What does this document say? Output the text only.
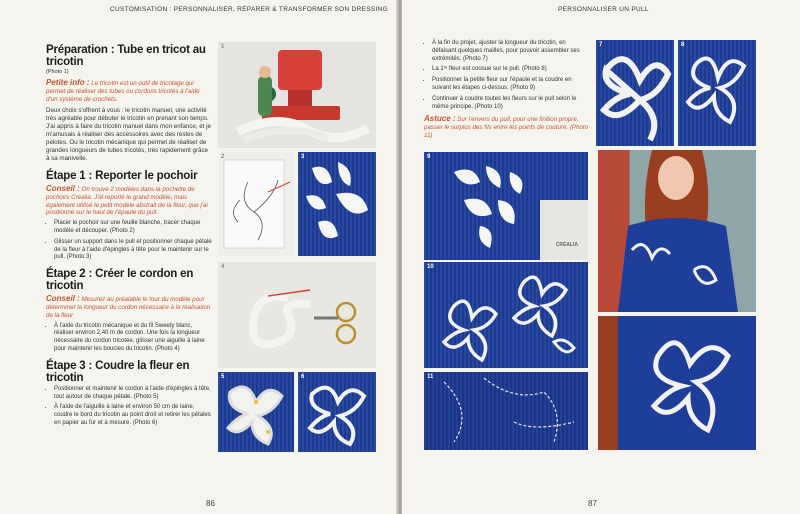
CUSTOMISATION : PERSONNALISER, RÉPARER & TRANSFORMER SON DRESSING
Préparation : Tube en tricot au tricotin
(Photo 1)
Petite info : Le tricotin est un outil de tricotage qui permet de réaliser des tubes ou cordons tricotés à l'aide d'un système de crochets.

Deux choix s'offrent à vous : le tricotin manuel, une activité très agréable pour débuter le tricotin en prenant son temps. J'ai appris à faire du tricotin manuel dans mon enfance, et je m'amusais à réaliser des accessoires avec des restes de pelotes. Ou le tricotin mécanique qui permet de réaliser de grandes longueurs de tubes tricotés, très rapidement grâce à sa manivelle.

Étape 1 : Reporter le pochoir
Conseil : On trouve 2 modèles dans la pochette de pochoirs Créalia. J'ai reporté le grand modèle, mais également utilisé le petit modèle abstrait de la fleur, que j'ai positionné sur le haut de l'épaule du pull.
• Placer le pochoir sur une feuille blanche, tracer chaque modèle et découper. (Photo 2)
• Glisser un support dans le pull et positionner chaque pétale de la fleur à l'aide d'épingles à tête pour le maintenir sur le pull. (Photo 3)
Étape 2 : Créer le cordon en tricotin
Conseil : Mesurez au préalable le tour du modèle pour déterminer la longueur du cordon nécessaire à la réalisation de la fleur
• À l'aide du tricotin mécanique et du fil Sweety blanc, réaliser environ 2,40 m de cordon. Une fois la longueur nécessaire du cordon tricotée, glisser une aiguille à laine pour maintenir les boucles du tricotin. (Photo 4)
Étape 3 : Coudre la fleur en tricotin
• Positionner et maintenir le cordon à l'aide d'épingles à tête, tout autour de chaque pétale. (Photo 5)
• À l'aide de l'aiguille à laine et environ 50 cm de laine, coudre le bord du tricotin au point droit et retirer les pétales en papier au fur et à mesure. (Photo 6)
1
2	3
4
5	6
86
PERSONNALISER UN PULL
• À la fin du projet, ajuster la longueur du tricotin, en défaisant quelques mailles, pour pouvoir assembler ses extrémités. (Photo 7)
• La 1ʳᵉ fleur est cousue sur le pull. (Photo 8)
• Positionner la petite fleur sur l'épaule et la coudre en suivant les étapes ci-dessus. (Photo 9)
• Continuer à coudre toutes les fleurs sur le pull selon le même principe. (Photo 10)
Astuce : Sur l'envers du pull, pour une finition propre, passer le surplus des fils entre les points de couture. (Photo 11)
7	8
CRÉALIA
9
10
11
87
